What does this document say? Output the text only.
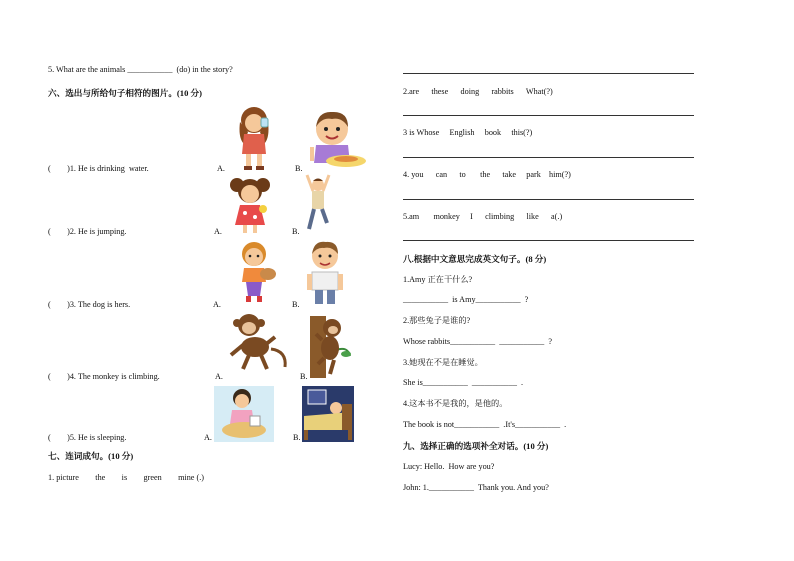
5. What are the animals ___________  (do) in the story?
六、选出与所给句子相符的图片。(10 分)
(        )1. He is drinking  water.	A.	B.
(        )2. He is jumping.	A.	B.
(        )3. The dog is hers.	A.	B.
(        )4. The monkey is climbing.	A.	B.
(        )5. He is sleeping.	A.	B.
七、连词成句。(10 分)
1. picture        the        is        green        mine (.)
2.are      these      doing      rabbits      What(?)
3 is Whose     English     book     this(?)
4. you      can      to       the      take     park    him(?)
5.am       monkey     I      climbing      like      a(.)
八.根据中文意思完成英文句子。(8 分)
1.Amy 正在干什么?
___________  is Amy___________  ?
2.那些兔子是谁的?
Whose rabbits___________  ___________  ?
3.她现在不是在睡觉。
She is___________  ___________  .
4.这本书不是我的，是他的。
The book is not___________  .It's___________  .
九、选择正确的选项补全对话。(10 分)
Lucy: Hello.  How are you?
John: 1.___________  Thank you. And you?
